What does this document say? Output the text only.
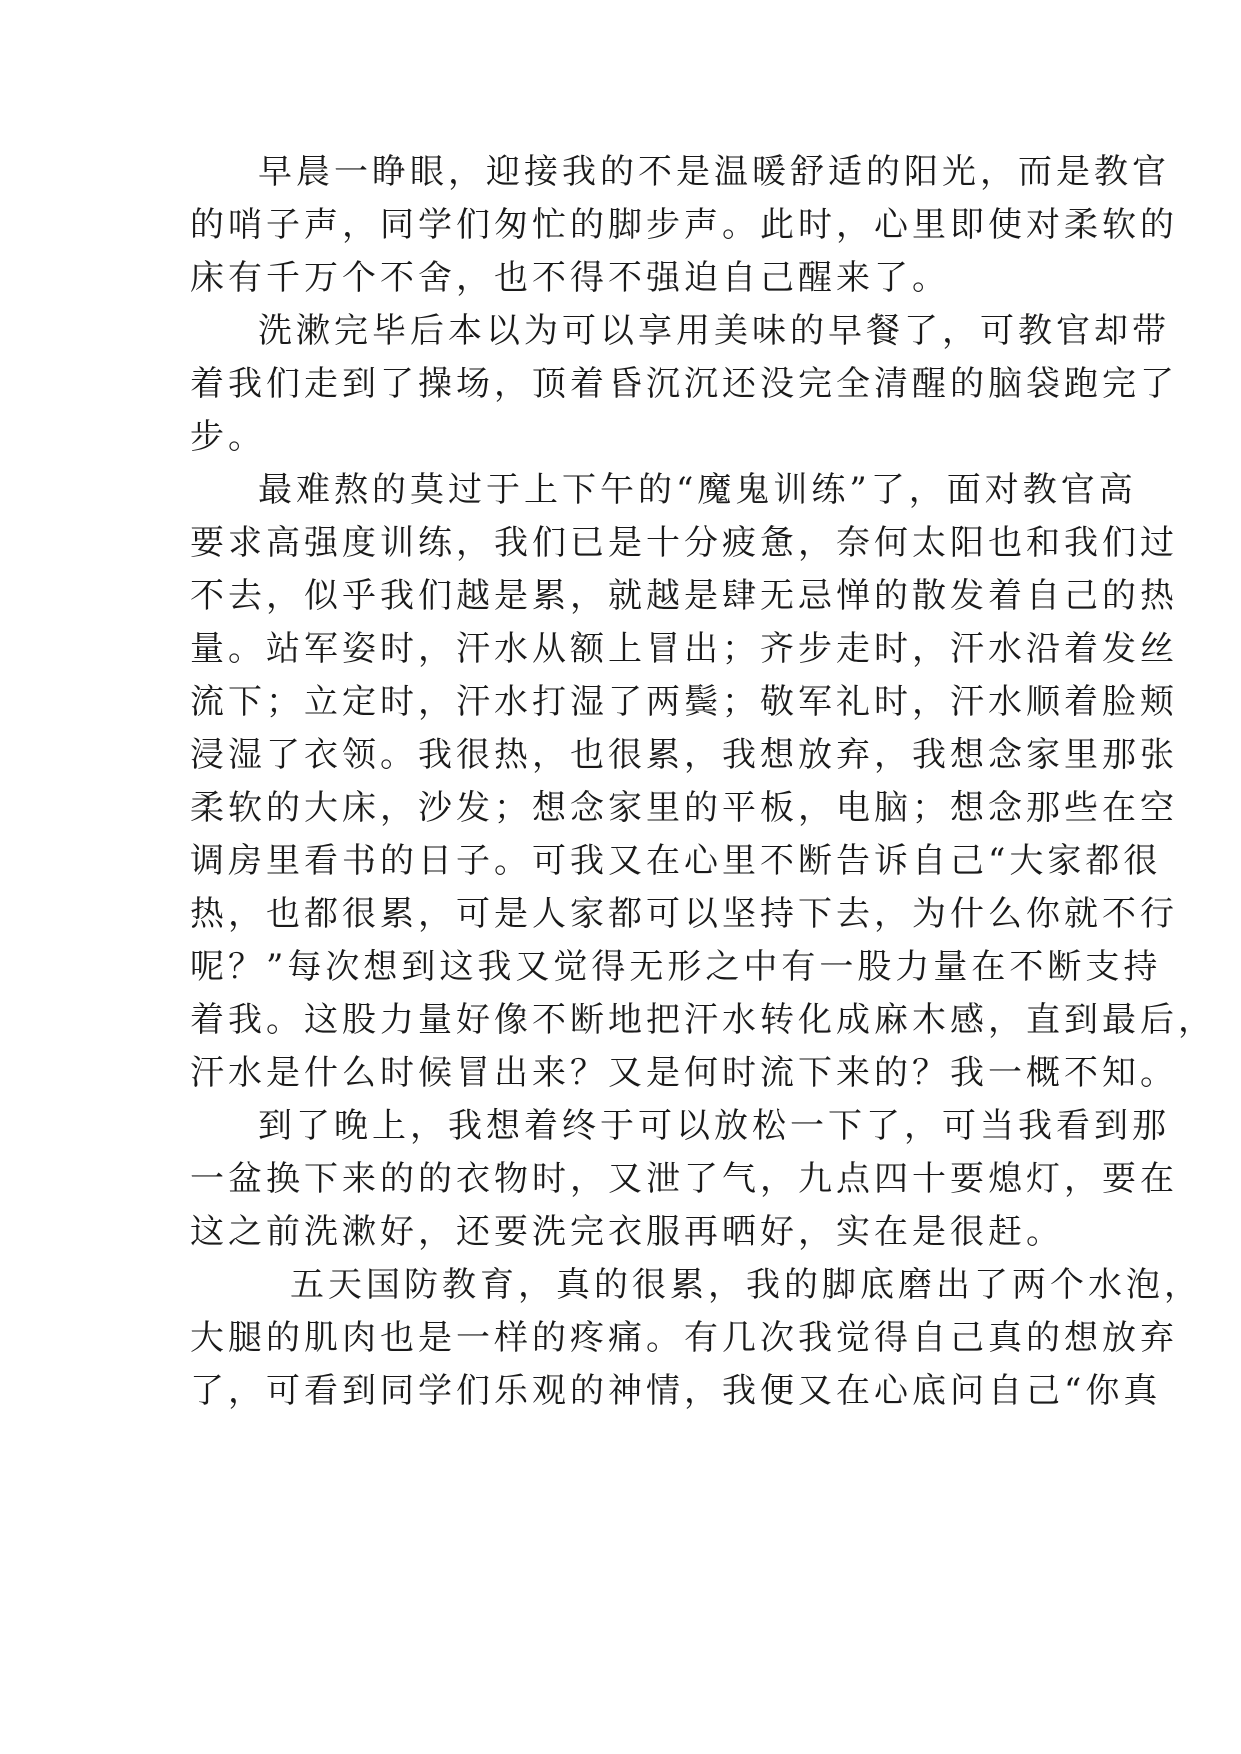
早晨一睁眼，迎接我的不是温暖舒适的阳光，而是教官
的哨子声，同学们匆忙的脚步声。此时，心里即使对柔软的
床有千万个不舍，也不得不强迫自己醒来了。
洗漱完毕后本以为可以享用美味的早餐了，可教官却带
着我们走到了操场，顶着昏沉沉还没完全清醒的脑袋跑完了
步。
最难熬的莫过于上下午的“魔鬼训练”了，面对教官高
要求高强度训练，我们已是十分疲惫，奈何太阳也和我们过
不去，似乎我们越是累，就越是肆无忌惮的散发着自己的热
量。站军姿时，汗水从额上冒出；齐步走时，汗水沿着发丝
流下；立定时，汗水打湿了两鬓；敬军礼时，汗水顺着脸颊
浸湿了衣领。我很热，也很累，我想放弃，我想念家里那张
柔软的大床，沙发；想念家里的平板，电脑；想念那些在空
调房里看书的日子。可我又在心里不断告诉自己“大家都很
热，也都很累，可是人家都可以坚持下去，为什么你就不行
呢？”每次想到这我又觉得无形之中有一股力量在不断支持
着我。这股力量好像不断地把汗水转化成麻木感，直到最后，
汗水是什么时候冒出来？又是何时流下来的？我一概不知。
到了晚上，我想着终于可以放松一下了，可当我看到那
一盆换下来的的衣物时，又泄了气，九点四十要熄灯，要在
这之前洗漱好，还要洗完衣服再晒好，实在是很赶。
五天国防教育，真的很累，我的脚底磨出了两个水泡，
大腿的肌肉也是一样的疼痛。有几次我觉得自己真的想放弃
了，可看到同学们乐观的神情，我便又在心底问自己“你真
